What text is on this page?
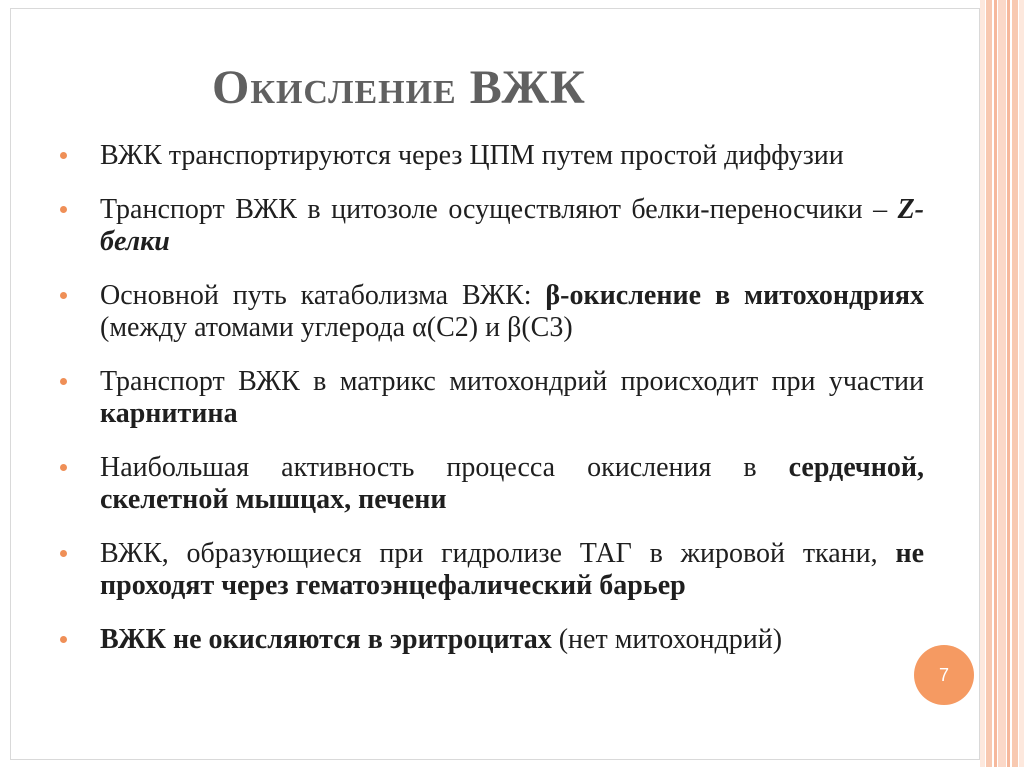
Окисление ВЖК
ВЖК транспортируются через ЦПМ путем простой диффузии
Транспорт ВЖК в цитозоле осуществляют белки-переносчики – Z-белки
Основной путь катаболизма ВЖК: β-окисление в митохондриях (между атомами углерода α(С2) и β(С3)
Транспорт ВЖК в матрикс митохондрий происходит при участии карнитина
Наибольшая активность процесса окисления в сердечной, скелетной мышцах, печени
ВЖК, образующиеся при гидролизе ТАГ в жировой ткани, не проходят через гематоэнцефалический барьер
ВЖК не окисляются в эритроцитах (нет митохондрий)
7
